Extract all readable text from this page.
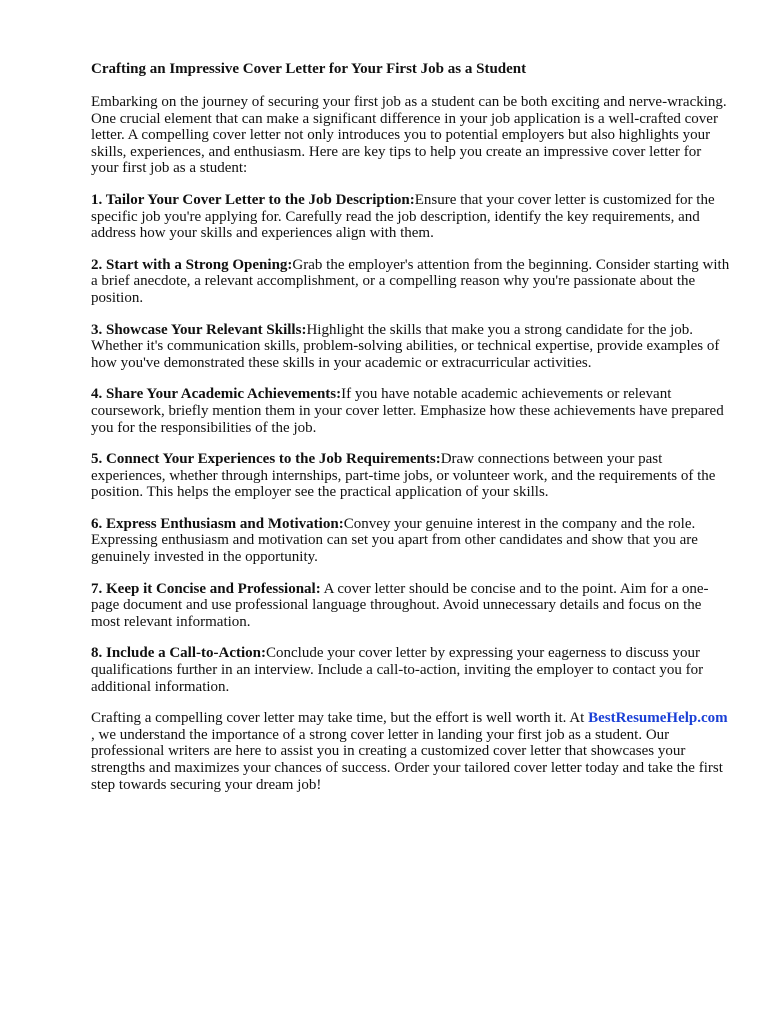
Crafting an Impressive Cover Letter for Your First Job as a Student

Embarking on the journey of securing your first job as a student can be both exciting and nerve-wracking. One crucial element that can make a significant difference in your job application is a well-crafted cover letter. A compelling cover letter not only introduces you to potential employers but also highlights your skills, experiences, and enthusiasm. Here are key tips to help you create an impressive cover letter for your first job as a student:

1. Tailor Your Cover Letter to the Job Description:Ensure that your cover letter is customized for the specific job you're applying for. Carefully read the job description, identify the key requirements, and address how your skills and experiences align with them.

2. Start with a Strong Opening:Grab the employer's attention from the beginning. Consider starting with a brief anecdote, a relevant accomplishment, or a compelling reason why you're passionate about the position.

3. Showcase Your Relevant Skills:Highlight the skills that make you a strong candidate for the job. Whether it's communication skills, problem-solving abilities, or technical expertise, provide examples of how you've demonstrated these skills in your academic or extracurricular activities.

4. Share Your Academic Achievements:If you have notable academic achievements or relevant coursework, briefly mention them in your cover letter. Emphasize how these achievements have prepared you for the responsibilities of the job.

5. Connect Your Experiences to the Job Requirements:Draw connections between your past experiences, whether through internships, part-time jobs, or volunteer work, and the requirements of the position. This helps the employer see the practical application of your skills.

6. Express Enthusiasm and Motivation:Convey your genuine interest in the company and the role. Expressing enthusiasm and motivation can set you apart from other candidates and show that you are genuinely invested in the opportunity.

7. Keep it Concise and Professional: A cover letter should be concise and to the point. Aim for a one-page document and use professional language throughout. Avoid unnecessary details and focus on the most relevant information.

8. Include a Call-to-Action:Conclude your cover letter by expressing your eagerness to discuss your qualifications further in an interview. Include a call-to-action, inviting the employer to contact you for additional information.

Crafting a compelling cover letter may take time, but the effort is well worth it. At BestResumeHelp.com , we understand the importance of a strong cover letter in landing your first job as a student. Our professional writers are here to assist you in creating a customized cover letter that showcases your strengths and maximizes your chances of success. Order your tailored cover letter today and take the first step towards securing your dream job!
